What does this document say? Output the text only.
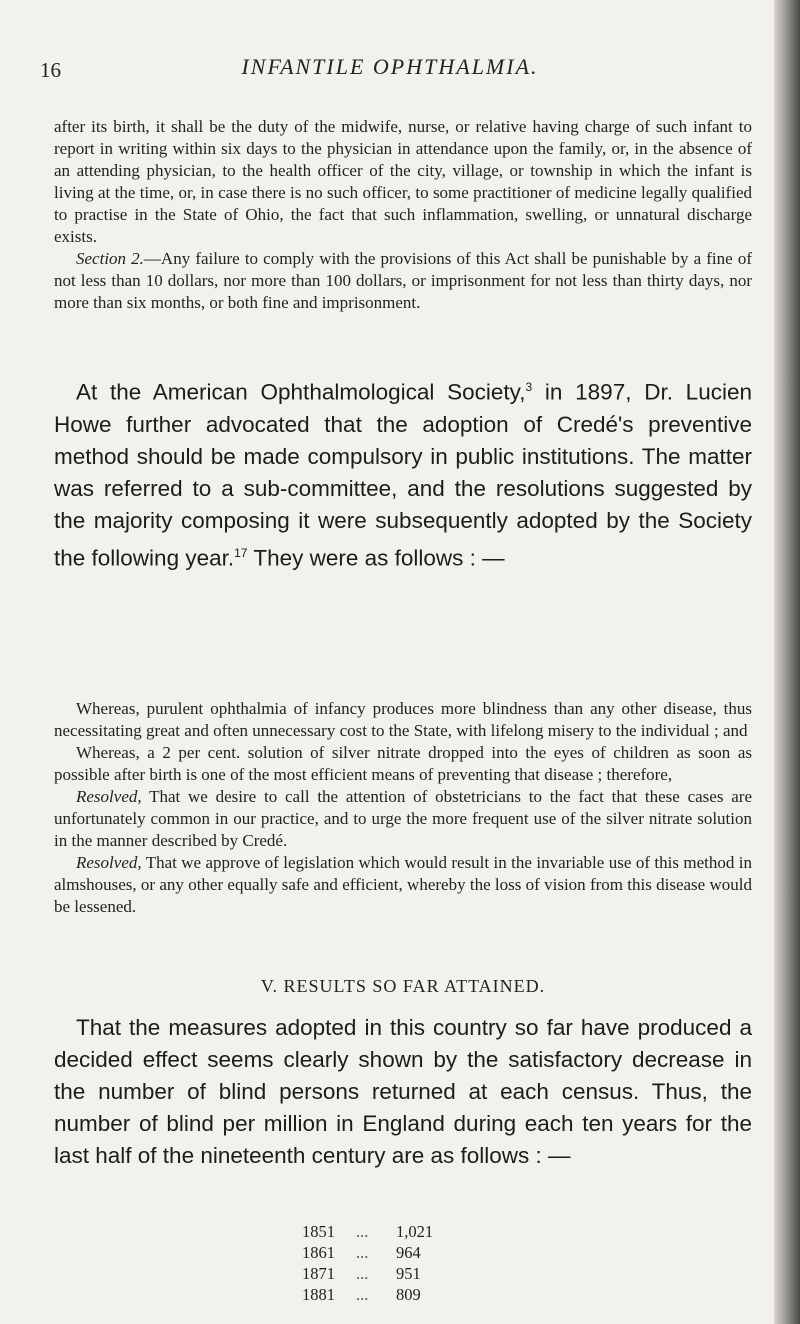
16	INFANTILE OPHTHALMIA.

after its birth, it shall be the duty of the midwife, nurse, or relative having charge of such infant to report in writing within six days to the physician in attendance upon the family, or, in the absence of an attending physician, to the health officer of the city, village, or township in which the infant is living at the time, or, in case there is no such officer, to some practitioner of medicine legally qualified to practise in the State of Ohio, the fact that such inflammation, swelling, or unnatural discharge exists.

Section 2.—Any failure to comply with the provisions of this Act shall be punishable by a fine of not less than 10 dollars, nor more than 100 dollars, or imprisonment for not less than thirty days, nor more than six months, or both fine and imprisonment.

At the American Ophthalmological Society,$^3$ in 1897, Dr. Lucien Howe further advocated that the adoption of Credé's preventive method should be made compulsory in public institutions. The matter was referred to a sub-committee, and the resolutions suggested by the majority composing it were subsequently adopted by the Society the following year.$^{17}$ They were as follows : —

Whereas, purulent ophthalmia of infancy produces more blindness than any other disease, thus necessitating great and often unnecessary cost to the State, with lifelong misery to the individual ; and

Whereas, a 2 per cent. solution of silver nitrate dropped into the eyes of children as soon as possible after birth is one of the most efficient means of preventing that disease ; therefore,

Resolved, That we desire to call the attention of obstetricians to the fact that these cases are unfortunately common in our practice, and to urge the more frequent use of the silver nitrate solution in the manner described by Credé.

Resolved, That we approve of legislation which would result in the invariable use of this method in almshouses, or any other equally safe and efficient, whereby the loss of vision from this disease would be lessened.

V. RESULTS SO FAR ATTAINED.

That the measures adopted in this country so far have produced a decided effect seems clearly shown by the satisfactory decrease in the number of blind persons returned at each census. Thus, the number of blind per million in England during each ten years for the last half of the nineteenth century are as follows : —

1851	...	1,021
1861	...	964
1871	...	951
1881	...	809
